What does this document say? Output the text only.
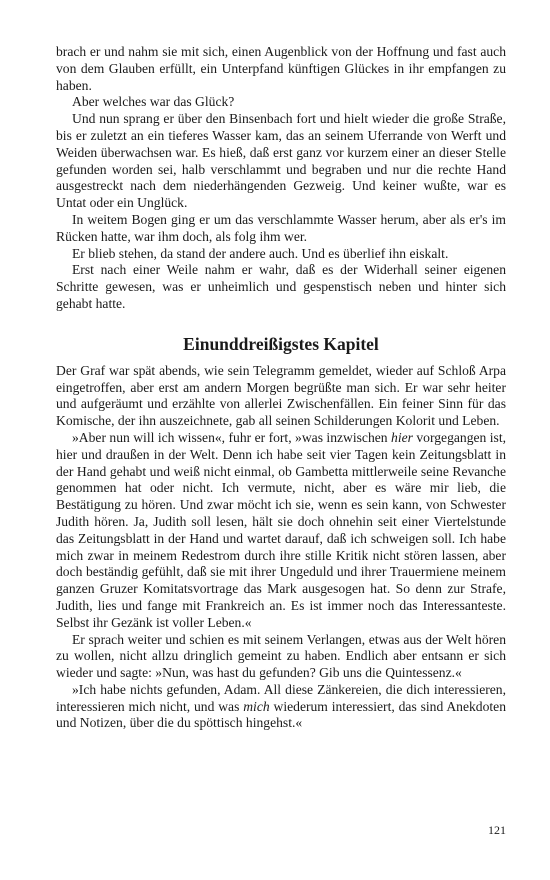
brach er und nahm sie mit sich, einen Augenblick von der Hoffnung und fast auch von dem Glauben erfüllt, ein Unterpfand künftigen Glückes in ihr empfangen zu haben.

Aber welches war das Glück?

Und nun sprang er über den Binsenbach fort und hielt wieder die große Straße, bis er zuletzt an ein tieferes Wasser kam, das an seinem Uferrande von Werft und Weiden überwachsen war. Es hieß, daß erst ganz vor kurzem einer an dieser Stelle gefunden worden sei, halb verschlammt und begraben und nur die rechte Hand ausgestreckt nach dem niederhängenden Gezweig. Und keiner wußte, war es Untat oder ein Unglück.

In weitem Bogen ging er um das verschlammte Wasser herum, aber als er's im Rücken hatte, war ihm doch, als folg ihm wer.

Er blieb stehen, da stand der andere auch. Und es überlief ihn eiskalt.

Erst nach einer Weile nahm er wahr, daß es der Widerhall seiner eigenen Schritte gewesen, was er unheimlich und gespenstisch neben und hinter sich gehabt hatte.

Einunddreißigstes Kapitel

Der Graf war spät abends, wie sein Telegramm gemeldet, wieder auf Schloß Arpa eingetroffen, aber erst am andern Morgen begrüßte man sich. Er war sehr heiter und aufgeräumt und erzählte von allerlei Zwischenfällen. Ein feiner Sinn für das Komische, der ihn auszeichnete, gab all seinen Schilderungen Kolorit und Leben.

»Aber nun will ich wissen«, fuhr er fort, »was inzwischen hier vorgegangen ist, hier und draußen in der Welt. Denn ich habe seit vier Tagen kein Zeitungsblatt in der Hand gehabt und weiß nicht einmal, ob Gambetta mittlerweile seine Revanche genommen hat oder nicht. Ich vermute, nicht, aber es wäre mir lieb, die Bestätigung zu hören. Und zwar möcht ich sie, wenn es sein kann, von Schwester Judith hören. Ja, Judith soll lesen, hält sie doch ohnehin seit einer Viertelstunde das Zeitungsblatt in der Hand und wartet darauf, daß ich schweigen soll. Ich habe mich zwar in meinem Redestrom durch ihre stille Kritik nicht stören lassen, aber doch beständig gefühlt, daß sie mit ihrer Ungeduld und ihrer Trauermiene meinem ganzen Gruzer Komitatsvortrage das Mark ausgesogen hat. So denn zur Strafe, Judith, lies und fange mit Frankreich an. Es ist immer noch das Interessanteste. Selbst ihr Gezänk ist voller Leben.«

Er sprach weiter und schien es mit seinem Verlangen, etwas aus der Welt hören zu wollen, nicht allzu dringlich gemeint zu haben. Endlich aber entsann er sich wieder und sagte: »Nun, was hast du gefunden? Gib uns die Quintessenz.«

»Ich habe nichts gefunden, Adam. All diese Zänkereien, die dich interessieren, interessieren mich nicht, und was mich wiederum interessiert, das sind Anekdoten und Notizen, über die du spöttisch hingehst.«

121
